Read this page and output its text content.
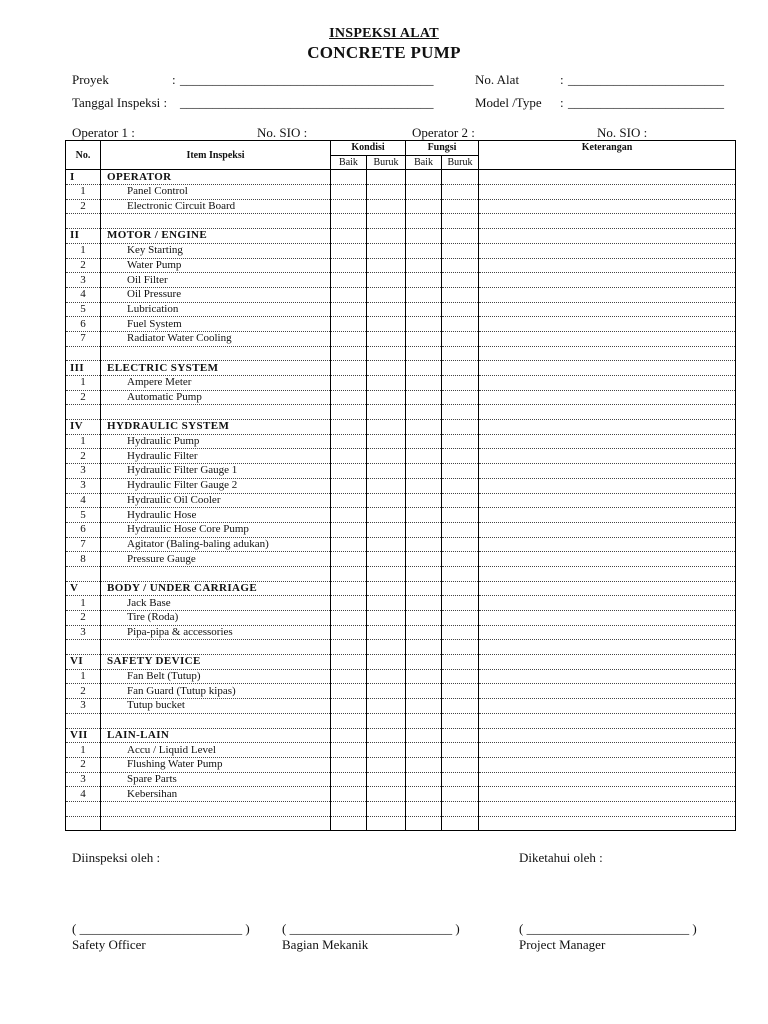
INSPEKSI ALAT
CONCRETE PUMP
Proyek	: _______________________________________	No. Alat	: ________________________
Tanggal Inspeksi : _______________________________________	Model /Type : ________________________
Operator 1 :	No. SIO :	Operator 2 :	No. SIO :
No.	Item Inspeksi	Kondisi		Fungsi		Keterangan
		Baik	Buruk	Baik	Buruk	
I	OPERATOR					
1	Panel Control					
2	Electronic Circuit Board					

II	MOTOR / ENGINE					
1	Key Starting					
2	Water Pump					
3	Oil Filter					
4	Oil Pressure					
5	Lubrication					
6	Fuel System					
7	Radiator Water Cooling					

III	ELECTRIC SYSTEM					
1	Ampere Meter					
2	Automatic Pump					

IV	HYDRAULIC SYSTEM					
1	Hydraulic Pump					
2	Hydraulic Filter					
3	Hydraulic Filter Gauge 1					
3	Hydraulic Filter Gauge 2					
4	Hydraulic Oil Cooler					
5	Hydraulic Hose					
6	Hydraulic Hose Core Pump					
7	Agitator (Baling-baling adukan)					
8	Pressure Gauge					

V	BODY / UNDER CARRIAGE					
1	Jack Base					
2	Tire (Roda)					
3	Pipa-pipa & accessories					

VI	SAFETY DEVICE					
1	Fan Belt (Tutup)					
2	Fan Guard (Tutup kipas)					
3	Tutup bucket					

VII	LAIN-LAIN					
1	Accu / Liquid Level					
2	Flushing Water Pump					
3	Spare Parts					
4	Kebersihan					

Diinspeksi oleh :	Diketahui oleh :
( _________________________ ) ( _________________________ )	( _________________________ )
Safety Officer	Bagian Mekanik	Project Manager
